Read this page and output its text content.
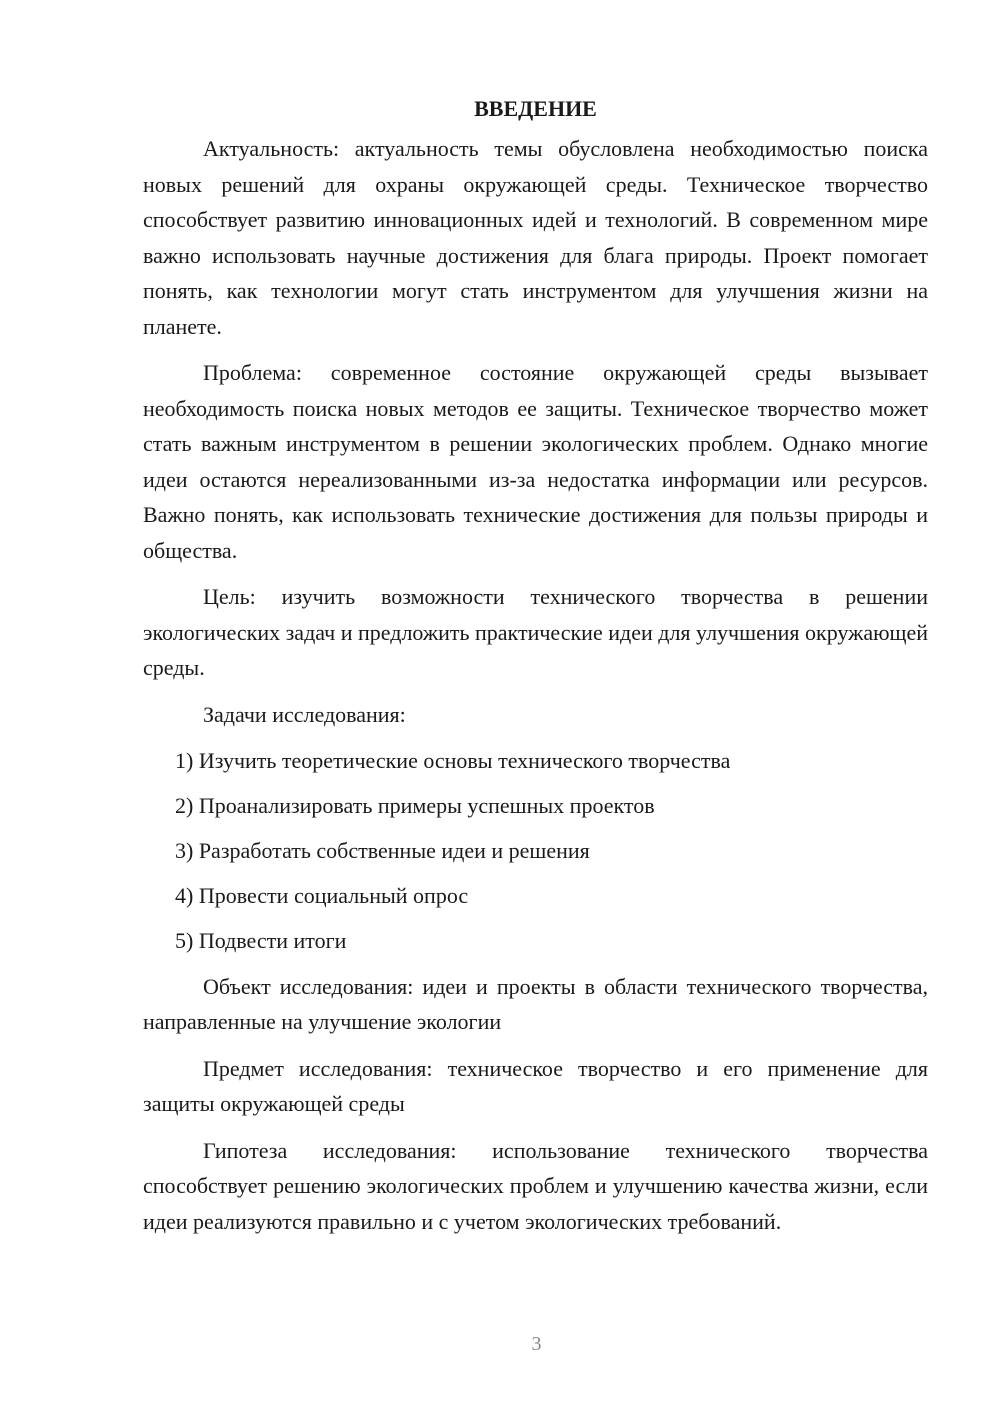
ВВЕДЕНИЕ

Актуальность: актуальность темы обусловлена необходимостью поиска новых решений для охраны окружающей среды. Техническое творчество способствует развитию инновационных идей и технологий. В современном мире важно использовать научные достижения для блага природы. Проект помогает понять, как технологии могут стать инструментом для улучшения жизни на планете.

Проблема: современное состояние окружающей среды вызывает необходимость поиска новых методов ее защиты. Техническое творчество может стать важным инструментом в решении экологических проблем. Однако многие идеи остаются нереализованными из-за недостатка информации или ресурсов. Важно понять, как использовать технические достижения для пользы природы и общества.

Цель: изучить возможности технического творчества в решении экологических задач и предложить практические идеи для улучшения окружающей среды.

Задачи исследования:

1) Изучить теоретические основы технического творчества
2) Проанализировать примеры успешных проектов
3) Разработать собственные идеи и решения
4) Провести социальный опрос
5) Подвести итоги

Объект исследования: идеи и проекты в области технического творчества, направленные на улучшение экологии

Предмет исследования: техническое творчество и его применение для защиты окружающей среды

Гипотеза исследования: использование технического творчества способствует решению экологических проблем и улучшению качества жизни, если идеи реализуются правильно и с учетом экологических требований.

3
